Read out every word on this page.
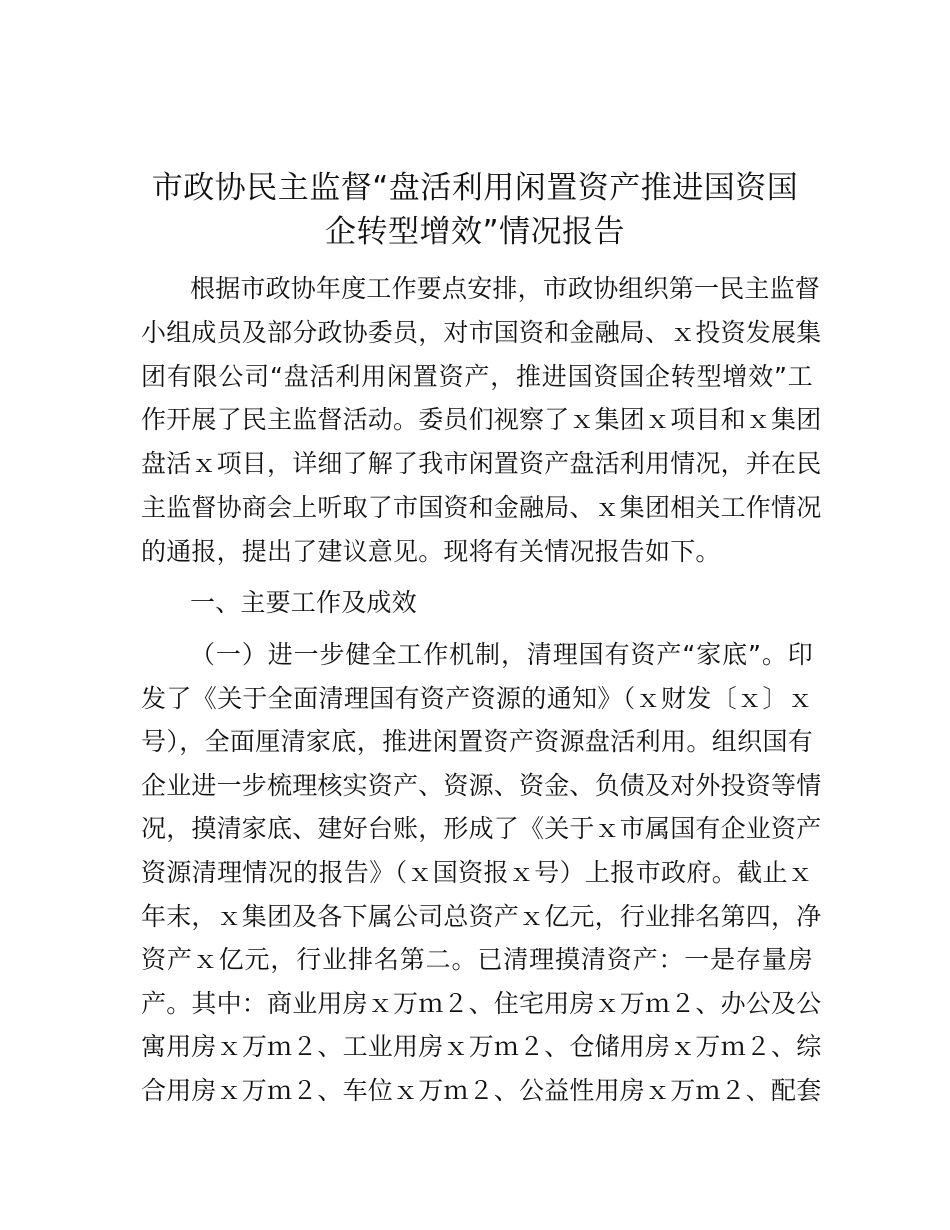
市政协民主监督“盘活利用闲置资产推进国资国
企转型增效”情况报告
根据市政协年度工作要点安排，市政协组织第一民主监督
小组成员及部分政协委员，对市国资和金融局、ｘ投资发展集
团有限公司“盘活利用闲置资产，推进国资国企转型增效”工
作开展了民主监督活动。委员们视察了ｘ集团ｘ项目和ｘ集团
盘活ｘ项目，详细了解了我市闲置资产盘活利用情况，并在民
主监督协商会上听取了市国资和金融局、ｘ集团相关工作情况
的通报，提出了建议意见。现将有关情况报告如下。
一、主要工作及成效
（一）进一步健全工作机制，清理国有资产“家底”。印
发了《关于全面清理国有资产资源的通知》（ｘ财发〔ｘ〕ｘ
号），全面厘清家底，推进闲置资产资源盘活利用。组织国有
企业进一步梳理核实资产、资源、资金、负债及对外投资等情
况，摸清家底、建好台账，形成了《关于ｘ市属国有企业资产
资源清理情况的报告》（ｘ国资报ｘ号）上报市政府。截止ｘ
年末，ｘ集团及各下属公司总资产ｘ亿元，行业排名第四，净
资产ｘ亿元，行业排名第二。已清理摸清资产：一是存量房
产。其中：商业用房ｘ万ｍ２、住宅用房ｘ万ｍ２、办公及公
寓用房ｘ万ｍ２、工业用房ｘ万ｍ２、仓储用房ｘ万ｍ２、综
合用房ｘ万ｍ２、车位ｘ万ｍ２、公益性用房ｘ万ｍ２、配套
